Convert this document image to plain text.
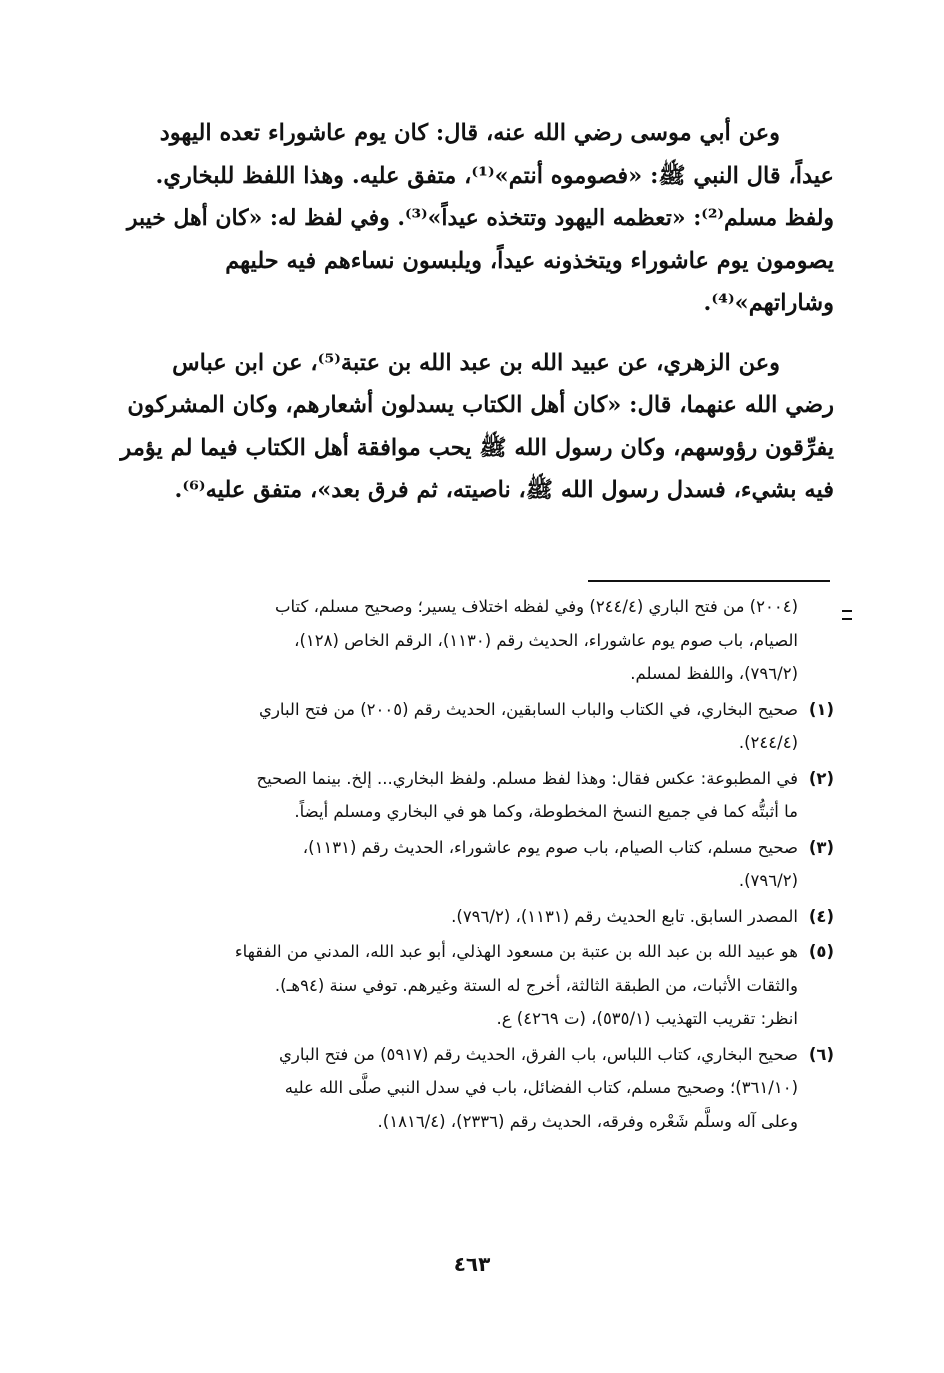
وعن أبي موسى رضي الله عنه، قال: كان يوم عاشوراء تعده اليهود
عيداً، قال النبي ﷺ: «فصوموه أنتم»⁽¹⁾، متفق عليه. وهذا اللفظ للبخاري.
ولفظ مسلم⁽²⁾: «تعظمه اليهود وتتخذه عيداً»⁽³⁾. وفي لفظ له: «كان أهل خيبر
يصومون يوم عاشوراء ويتخذونه عيداً، ويلبسون نساءهم فيه حليهم
وشاراتهم»⁽⁴⁾.

وعن الزهري، عن عبيد الله بن عبد الله بن عتبة⁽⁵⁾، عن ابن عباس
رضي الله عنهما، قال: «كان أهل الكتاب يسدلون أشعارهم، وكان المشركون
يفرِّقون رؤوسهم، وكان رسول الله ﷺ يحب موافقة أهل الكتاب فيما لم يؤمر
فيه بشيء، فسدل رسول الله ﷺ، ناصيته، ثم فرق بعد»، متفق عليه⁽⁶⁾.

(٢٠٠٤) من فتح الباري (٢٤٤/٤) وفي لفظه اختلاف يسير؛ وصحيح مسلم، كتاب
الصيام، باب صوم يوم عاشوراء، الحديث رقم (١١٣٠)، الرقم الخاص (١٢٨)،
(٧٩٦/٢)، واللفظ لمسلم.
(١)
صحيح البخاري، في الكتاب والباب السابقين، الحديث رقم (٢٠٠٥) من فتح الباري
(٢٤٤/٤).
(٢)
في المطبوعة: عكس فقال: وهذا لفظ مسلم. ولفظ البخاري... إلخ. بينما الصحيح
ما أثبتُّه كما في جميع النسخ المخطوطة، وكما هو في البخاري ومسلم أيضاً.
(٣)
صحيح مسلم، كتاب الصيام، باب صوم يوم عاشوراء، الحديث رقم (١١٣١)،
(٧٩٦/٢).
(٤)
المصدر السابق. تابع الحديث رقم (١١٣١)، (٧٩٦/٢).
(٥)
هو عبيد الله بن عبد الله بن عتبة بن مسعود الهذلي، أبو عبد الله، المدني من الفقهاء
والثقات الأثبات، من الطبقة الثالثة، أخرج له الستة وغيرهم. توفي سنة (٩٤هـ).
انظر: تقريب التهذيب (٥٣٥/١)، (ت ٤٢٦٩) ع.
(٦)
صحيح البخاري، كتاب اللباس، باب الفرق، الحديث رقم (٥٩١٧) من فتح الباري
(٣٦١/١٠)؛ وصحيح مسلم، كتاب الفضائل، باب في سدل النبي صلَّى الله عليه
وعلى آله وسلَّم شَعْره وفرقه، الحديث رقم (٢٣٣٦)، (١٨١٦/٤).
٤٦٣
